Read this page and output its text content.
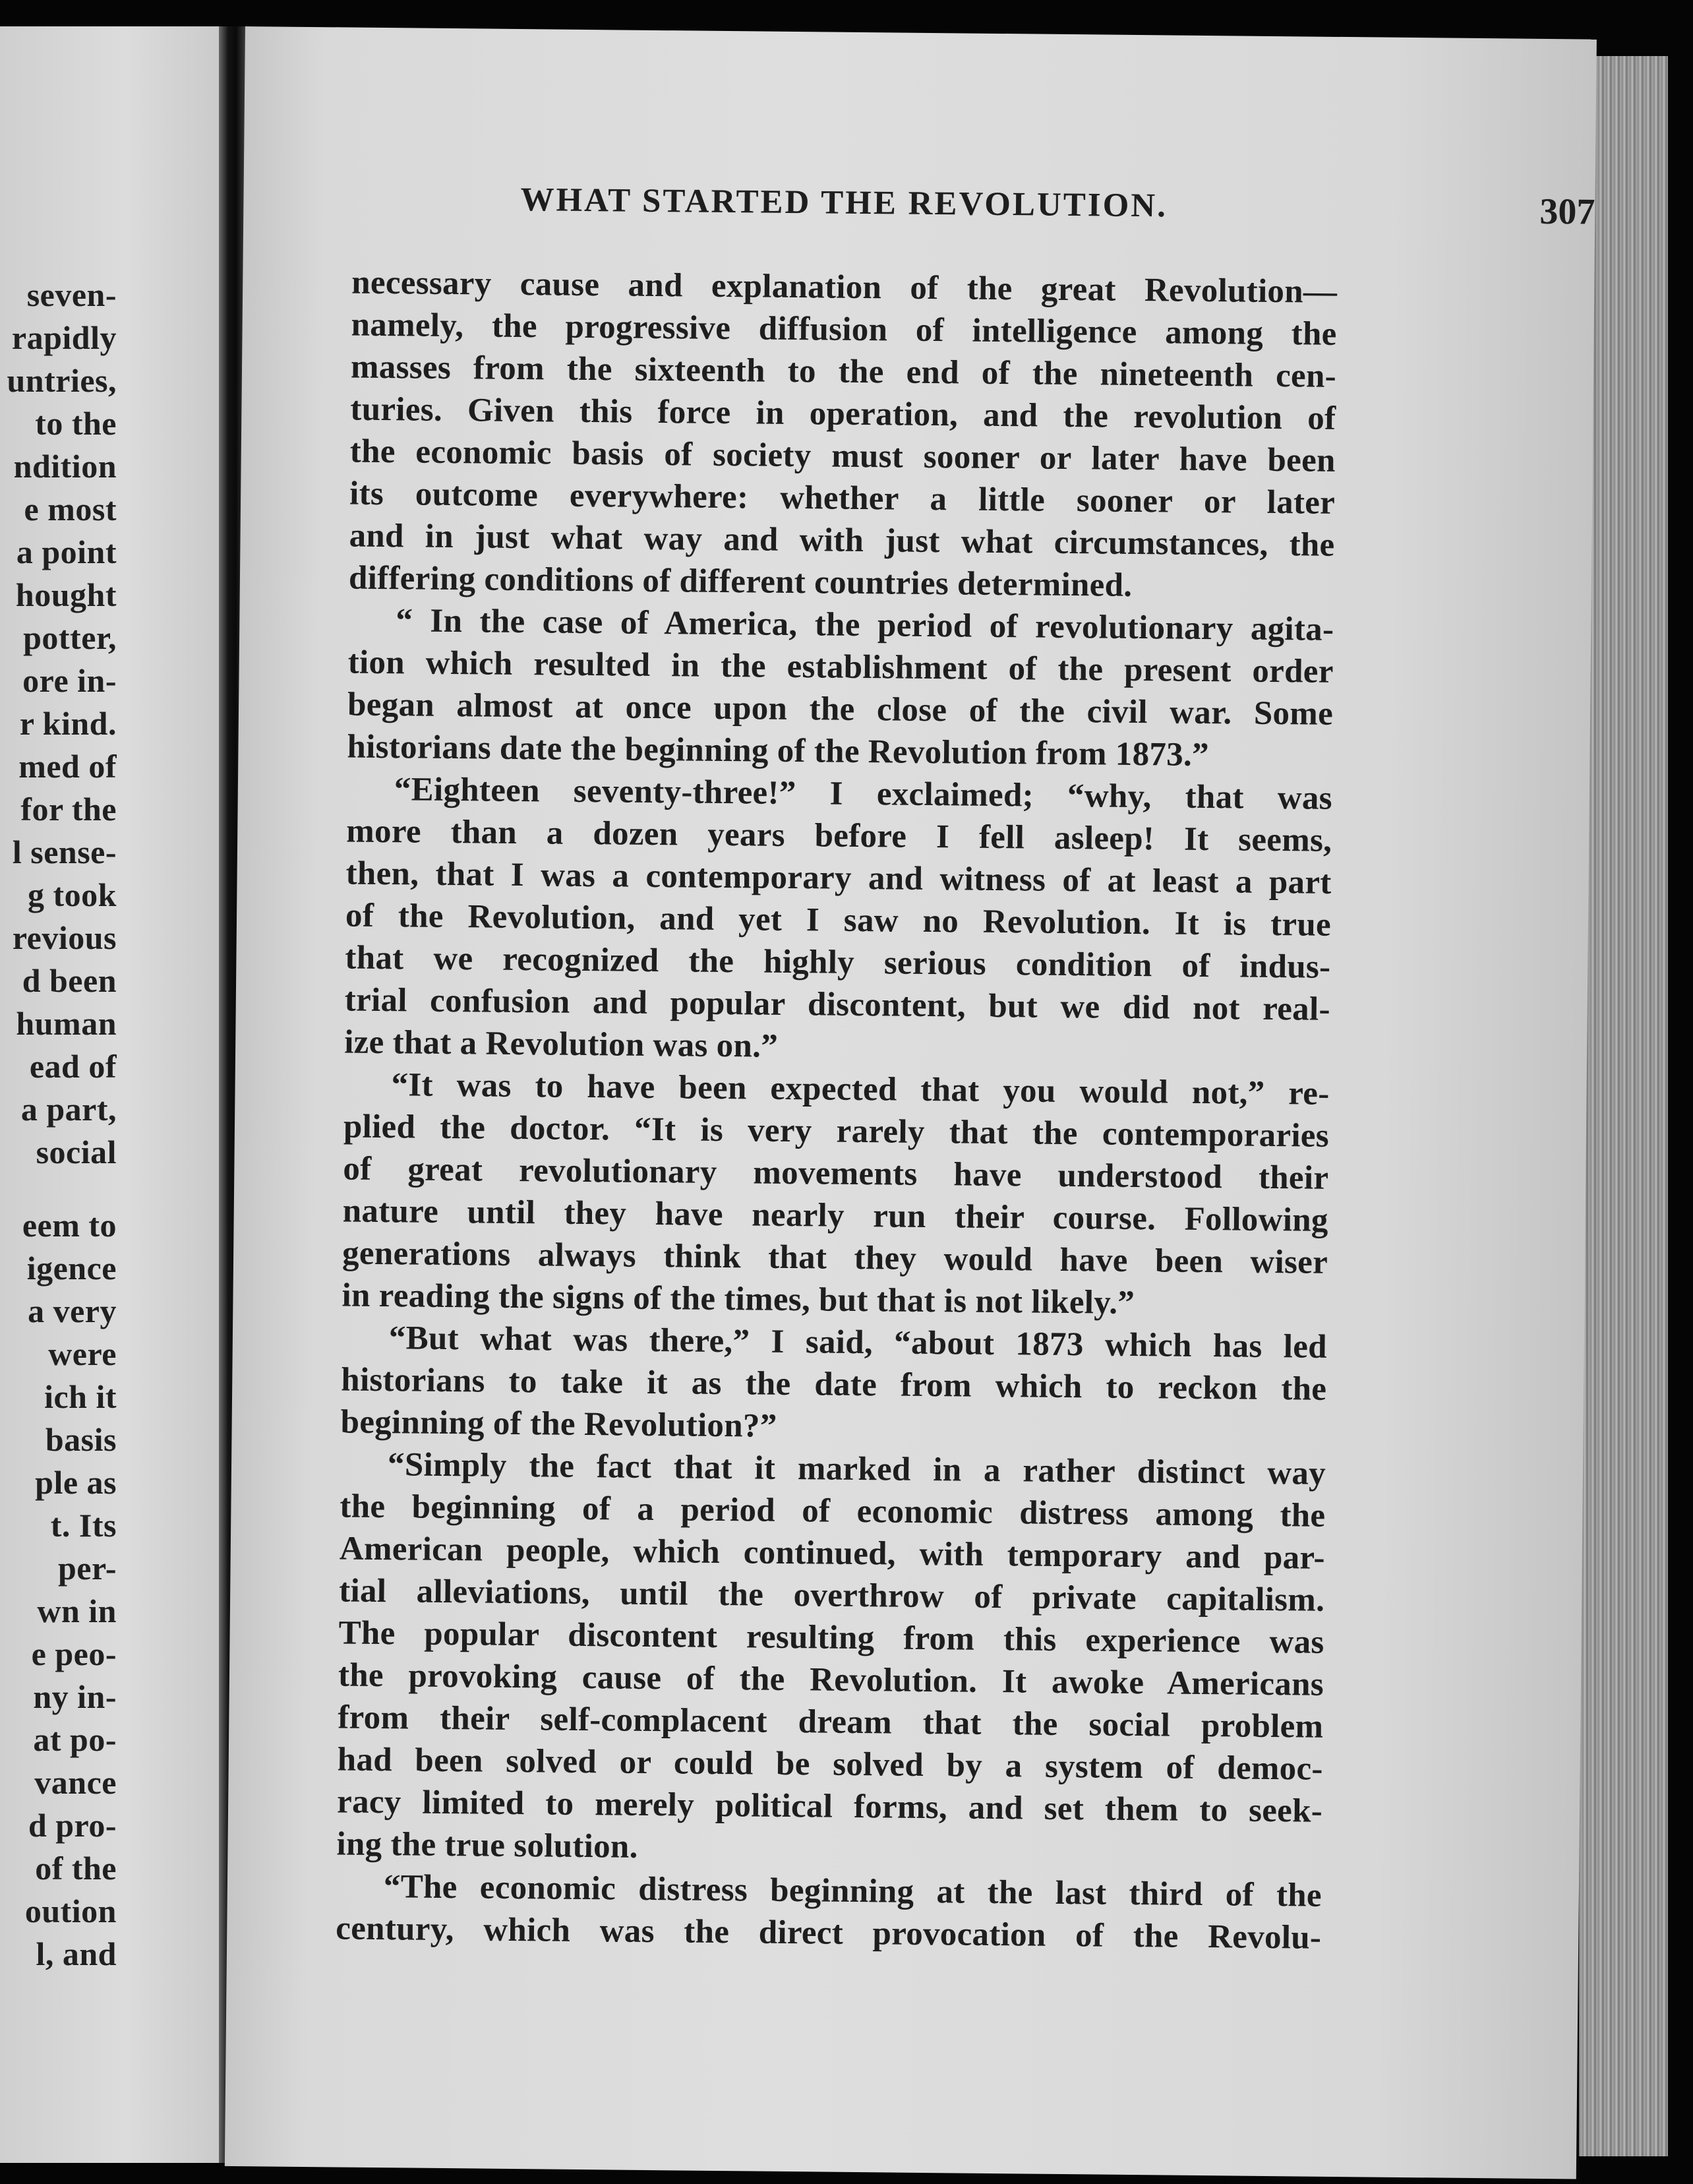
seven-
rapidly
untries,
to the
ndition
e most
a point
hought
potter,
ore in-
r kind.
med of
for the
l sense-
g took
revious
d been
human
ead of
a part,
social
eem to
igence
a very
were
ich it
basis
ple as
t. Its
per-
wn in
e peo-
ny in-
at po-
vance
d pro-
of the
oution
l, and
WHAT STARTED THE REVOLUTION.	307
necessary cause and explanation of the great Revolution—
namely, the progressive diffusion of intelligence among the
masses from the sixteenth to the end of the nineteenth cen-
turies. Given this force in operation, and the revolution of
the economic basis of society must sooner or later have been
its outcome everywhere: whether a little sooner or later
and in just what way and with just what circumstances, the
differing conditions of different countries determined.
“ In the case of America, the period of revolutionary agita-
tion which resulted in the establishment of the present order
began almost at once upon the close of the civil war. Some
historians date the beginning of the Revolution from 1873.”
“Eighteen seventy-three!” I exclaimed; “why, that was
more than a dozen years before I fell asleep! It seems,
then, that I was a contemporary and witness of at least a part
of the Revolution, and yet I saw no Revolution. It is true
that we recognized the highly serious condition of indus-
trial confusion and popular discontent, but we did not real-
ize that a Revolution was on.”
“It was to have been expected that you would not,” re-
plied the doctor. “It is very rarely that the contemporaries
of great revolutionary movements have understood their
nature until they have nearly run their course. Following
generations always think that they would have been wiser
in reading the signs of the times, but that is not likely.”
“But what was there,” I said, “about 1873 which has led
historians to take it as the date from which to reckon the
beginning of the Revolution?”
“Simply the fact that it marked in a rather distinct way
the beginning of a period of economic distress among the
American people, which continued, with temporary and par-
tial alleviations, until the overthrow of private capitalism.
The popular discontent resulting from this experience was
the provoking cause of the Revolution. It awoke Americans
from their self-complacent dream that the social problem
had been solved or could be solved by a system of democ-
racy limited to merely political forms, and set them to seek-
ing the true solution.
“The economic distress beginning at the last third of the
century, which was the direct provocation of the Revolu-
